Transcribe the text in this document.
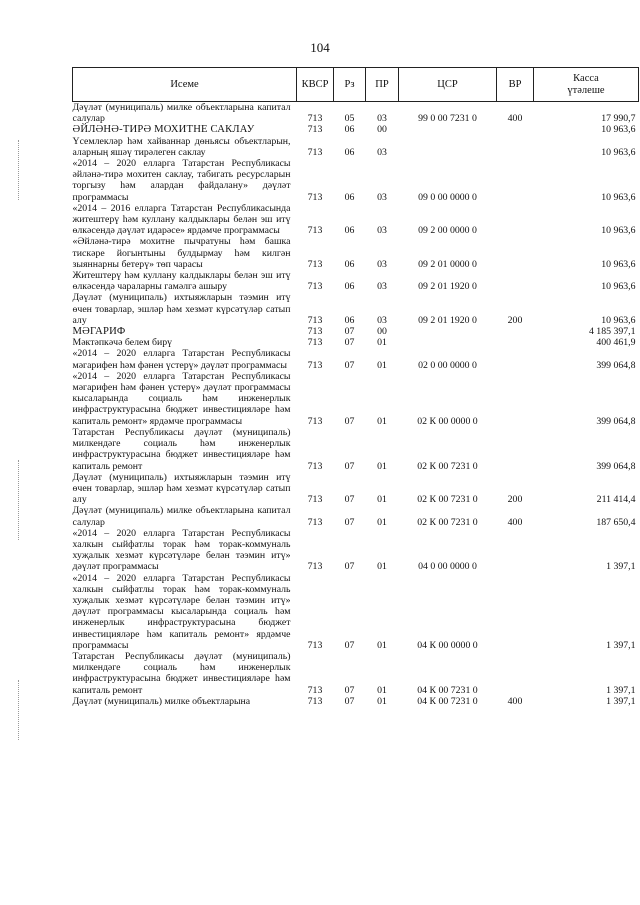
104
Исеме	КВСР	Рз	ПР	ЦСР	ВР	Касса
үтәлеше
Дәүләт (муниципаль) милке объектларына капитал салулар	713	05	03	99 0 00 7231 0	400	17 990,7
ӘЙЛӘНӘ-ТИРӘ МОХИТНЕ САКЛАУ	713	06	00			10 963,6
Үсемлекләр һәм хайваннар дөньясы объектларын, аларның яшәү тирәлеген саклау	713	06	03			10 963,6
«2014 – 2020 елларга Татарстан Республикасы әйләнә-тирә мохитен саклау, табигать ресурсларын торгызу һәм алардан файдалану» дәүләт программасы	713	06	03	09 0 00 0000 0		10 963,6
«2014 – 2016 елларга Татарстан Республикасында житештерү һәм куллану калдыклары белән эш итү өлкәсендә дәүләт идарәсе» ярдәмче программасы	713	06	03	09 2 00 0000 0		10 963,6
«Әйләнә-тирә мохитне пычратуны һәм башка тискәре йогынтыны булдырмау һәм килгән зыяннарны бетерү» төп чарасы	713	06	03	09 2 01 0000 0		10 963,6
Житештерү һәм куллану калдыклары белән эш итү өлкәсендә чараларны гамәлгә ашыру	713	06	03	09 2 01 1920 0		10 963,6
Дәүләт (муниципаль) ихтыяжларын тәэмин итү өчен товарлар, эшләр һәм хезмәт күрсәтүләр сатып алу	713	06	03	09 2 01 1920 0	200	10 963,6
МӘГАРИФ	713	07	00			4 185 397,1
Мәктәпкәчә белем бирү	713	07	01			400 461,9
«2014 – 2020 елларга Татарстан Республикасы мәгарифен һәм фәнен үстерү» дәүләт программасы	713	07	01	02 0 00 0000 0		399 064,8
«2014 – 2020 елларга Татарстан Республикасы мәгарифен һәм фәнен үстерү» дәүләт программасы кысаларында социаль һәм инженерлык инфраструктурасына бюджет инвестицияләре һәм капиталь ремонт» ярдәмче программасы	713	07	01	02 К 00 0000 0		399 064,8
Татарстан Республикасы дәүләт (муниципаль) милкендәге социаль һәм инженерлык инфраструктурасына бюджет инвестицияләре һәм капиталь ремонт	713	07	01	02 К 00 7231 0		399 064,8
Дәүләт (муниципаль) ихтыяжларын тәэмин итү өчен товарлар, эшләр һәм хезмәт күрсәтүләр сатып алу	713	07	01	02 К 00 7231 0	200	211 414,4
Дәүләт (муниципаль) милке объектларына капитал салулар	713	07	01	02 К 00 7231 0	400	187 650,4
«2014 – 2020 елларга Татарстан Республикасы халкын сыйфатлы торак һәм торак-коммуналь хуҗалык хезмәт күрсәтүләре белән тәэмин итү» дәүләт программасы	713	07	01	04 0 00 0000 0		1 397,1
«2014 – 2020 елларга Татарстан Республикасы халкын сыйфатлы торак һәм торак-коммуналь хуҗалык хезмәт күрсәтүләре белән тәэмин итү» дәүләт программасы кысаларында социаль һәм инженерлык инфраструктурасына бюджет инвестицияләре һәм капиталь ремонт» ярдәмче программасы	713	07	01	04 К 00 0000 0		1 397,1
Татарстан Республикасы дәүләт (муниципаль) милкендәге социаль һәм инженерлык инфраструктурасына бюджет инвестицияләре һәм капиталь ремонт	713	07	01	04 К 00 7231 0		1 397,1
Дәүләт (муниципаль) милке объектларына	713	07	01	04 К 00 7231 0	400	1 397,1
